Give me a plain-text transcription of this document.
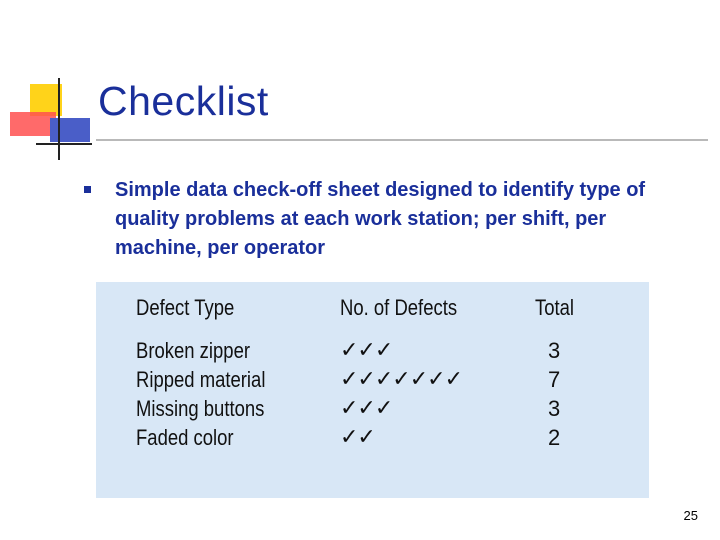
Checklist
Simple data check-off sheet designed to identify type of quality problems at each work station; per shift, per machine, per operator
Defect Type	No. of Defects	Total
Broken zipper	✓✓✓	3
Ripped material	✓✓✓✓✓✓✓	7
Missing buttons	✓✓✓	3
Faded color	✓✓	2
25
